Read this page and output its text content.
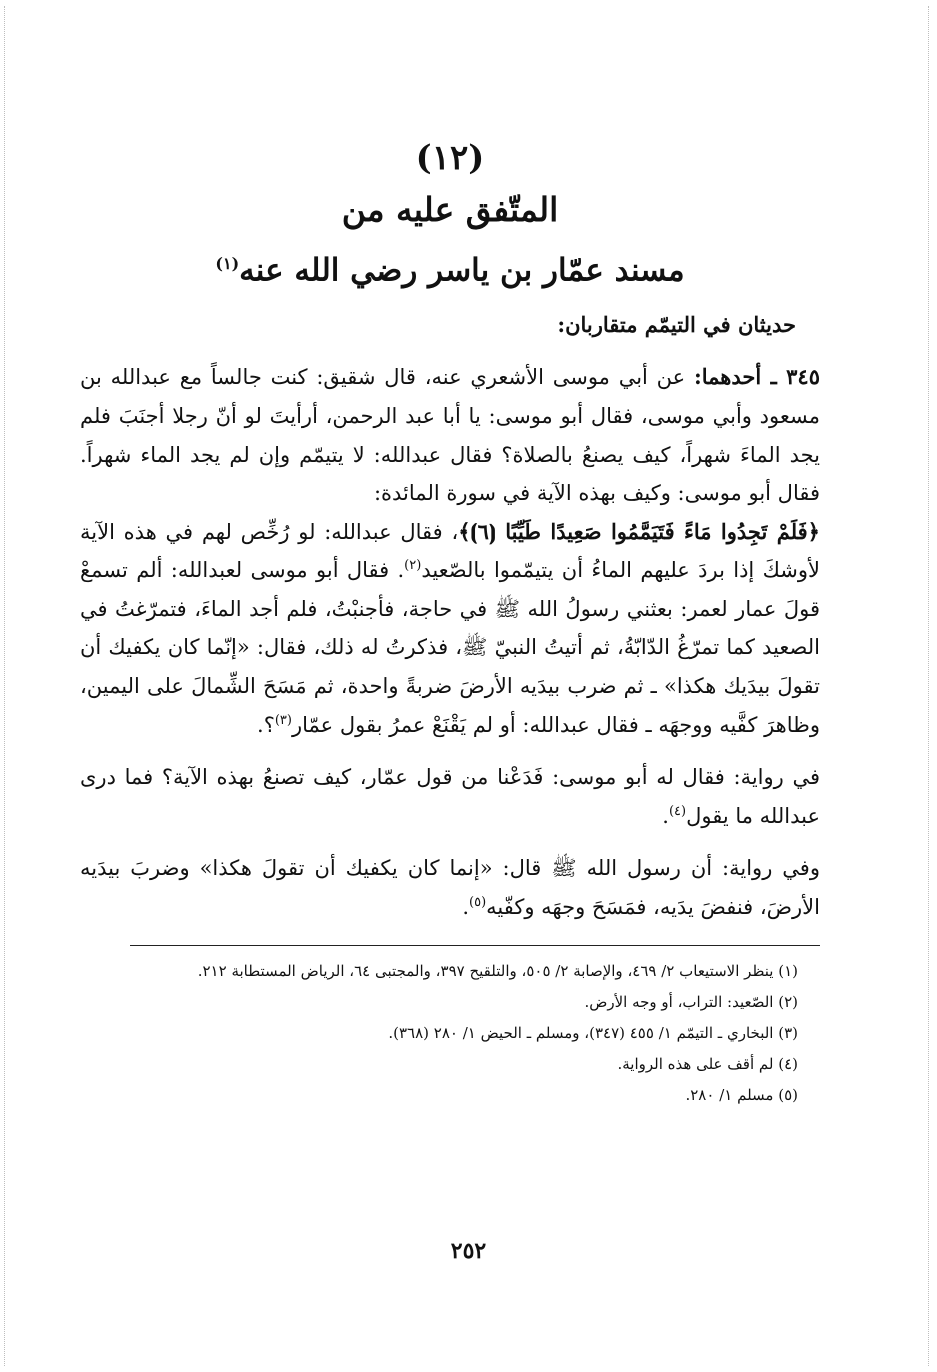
(١٢)
المتّفق عليه من
مسند عمّار بن ياسر رضي الله عنه$^{(١)}$

حديثان في التيمّم متقاربان:

٣٤٥ ـ أحدهما: عن أبي موسى الأشعري عنه، قال شقيق: كنت جالساً مع عبدالله بن مسعود وأبي موسى، فقال أبو موسى: يا أبا عبد الرحمن، أرأيتَ لو أنّ رجلا أجنَبَ فلم يجد الماءَ شهراً، كيف يصنعُ بالصلاة؟ فقال عبدالله: لا يتيمّم وإن لم يجد الماء شهراً. فقال أبو موسى: وكيف بهذه الآية في سورة المائدة:
﴿فَلَمْ تَجِدُوا مَاءً فَتَيَمَّمُوا صَعِيدًا طَيِّبًا ⦗٦⦘﴾، فقال عبدالله: لو رُخِّص لهم في هذه الآية لأوشكَ إذا بردَ عليهم الماءُ أن يتيمّموا بالصّعيد$^{(٢)}$. فقال أبو موسى لعبدالله: ألم تسمعْ قولَ عمار لعمر: بعثني رسولُ الله ﷺ في حاجة، فأجنبْتُ، فلم أجد الماءَ، فتمرّغتُ في الصعيد كما تمرّغُ الدّابّةُ، ثم أتيتُ النبيّ ﷺ، فذكرتُ له ذلك، فقال: «إنّما كان يكفيك أن تقولَ بيدَيك هكذا» ـ ثم ضرب بيدَيه الأرضَ ضربةً واحدة، ثم مَسَحَ الشِّمالَ على اليمين، وظاهرَ كفَّيه ووجهَه ـ فقال عبدالله: أو لم يَقْنَعْ عمرُ بقول عمّار$^{(٣)}$؟.

في رواية: فقال له أبو موسى: فَدَعْنا من قول عمّار، كيف تصنعُ بهذه الآية؟ فما درى عبدالله ما يقول$^{(٤)}$.

وفي رواية: أن رسول الله ﷺ قال: «إنما كان يكفيك أن تقولَ هكذا» وضربَ بيدَيه الأرضَ، فنفضَ يدَيه، فمَسَحَ وجهَه وكفّيه$^{(٥)}$.

(١) ينظر الاستيعاب ٢/ ٤٦٩، والإصابة ٢/ ٥٠٥، والتلقيح ٣٩٧، والمجتبى ٦٤، الرياض المستطابة ٢١٢.
(٢) الصّعيد: التراب، أو وجه الأرض.
(٣) البخاري ـ التيمّم ١/ ٤٥٥ (٣٤٧)، ومسلم ـ الحيض ١/ ٢٨٠ (٣٦٨).
(٤) لم أقف على هذه الرواية.
(٥) مسلم ١/ ٢٨٠.
٢٥٢
